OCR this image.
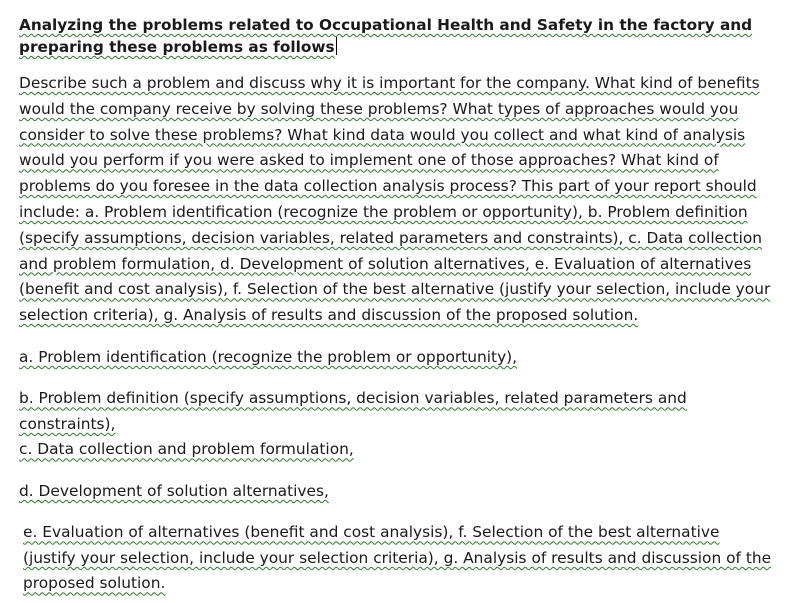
Analyzing the problems related to Occupational Health and Safety in the factory and preparing these problems as follows

Describe such a problem and discuss why it is important for the company. What kind of benefits would the company receive by solving these problems? What types of approaches would you consider to solve these problems? What kind data would you collect and what kind of analysis would you perform if you were asked to implement one of those approaches? What kind of problems do you foresee in the data collection analysis process? This part of your report should include: a. Problem identification (recognize the problem or opportunity), b. Problem definition (specify assumptions, decision variables, related parameters and constraints), c. Data collection and problem formulation, d. Development of solution alternatives, e. Evaluation of alternatives (benefit and cost analysis), f. Selection of the best alternative (justify your selection, include your selection criteria), g. Analysis of results and discussion of the proposed solution.

a. Problem identification (recognize the problem or opportunity),

b. Problem definition (specify assumptions, decision variables, related parameters and constraints),

c. Data collection and problem formulation,

d. Development of solution alternatives,

e. Evaluation of alternatives (benefit and cost analysis), f. Selection of the best alternative (justify your selection, include your selection criteria), g. Analysis of results and discussion of the proposed solution.
